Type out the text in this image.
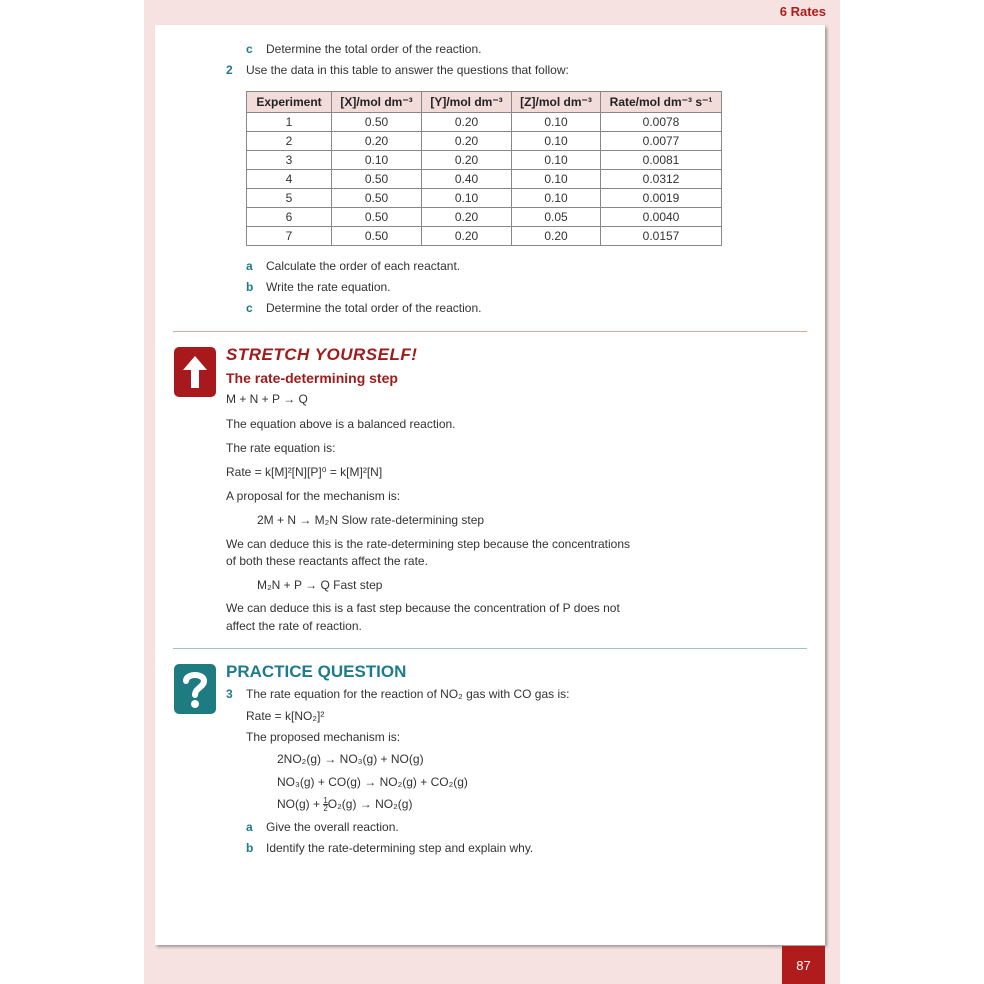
6 Rates
c Determine the total order of the reaction.
2 Use the data in this table to answer the questions that follow:
Experiment	[X]/mol dm⁻³	[Y]/mol dm⁻³	[Z]/mol dm⁻³	Rate/mol dm⁻³ s⁻¹
1	0.50	0.20	0.10	0.0078
2	0.20	0.20	0.10	0.0077
3	0.10	0.20	0.10	0.0081
4	0.50	0.40	0.10	0.0312
5	0.50	0.10	0.10	0.0019
6	0.50	0.20	0.05	0.0040
7	0.50	0.20	0.20	0.0157
a Calculate the order of each reactant.
b Write the rate equation.
c Determine the total order of the reaction.
STRETCH YOURSELF!
The rate-determining step
M + N + P → Q
The equation above is a balanced reaction.
The rate equation is:
Rate = k[M]²[N][P]⁰ = k[M]²[N]
A proposal for the mechanism is:
2M + N → M₂N Slow rate-determining step
We can deduce this is the rate-determining step because the concentrations
of both these reactants affect the rate.
M₂N + P → Q Fast step
We can deduce this is a fast step because the concentration of P does not
affect the rate of reaction.
PRACTICE QUESTION
3 The rate equation for the reaction of NO₂ gas with CO gas is:
Rate = k[NO₂]²
The proposed mechanism is:
2NO₂(g) → NO₃(g) + NO(g)
NO₃(g) + CO(g) → NO₂(g) + CO₂(g)
$NO(g) + \frac{1}{2} O_2(g) \to NO_2(g)$
a Give the overall reaction.
b Identify the rate-determining step and explain why.
87
